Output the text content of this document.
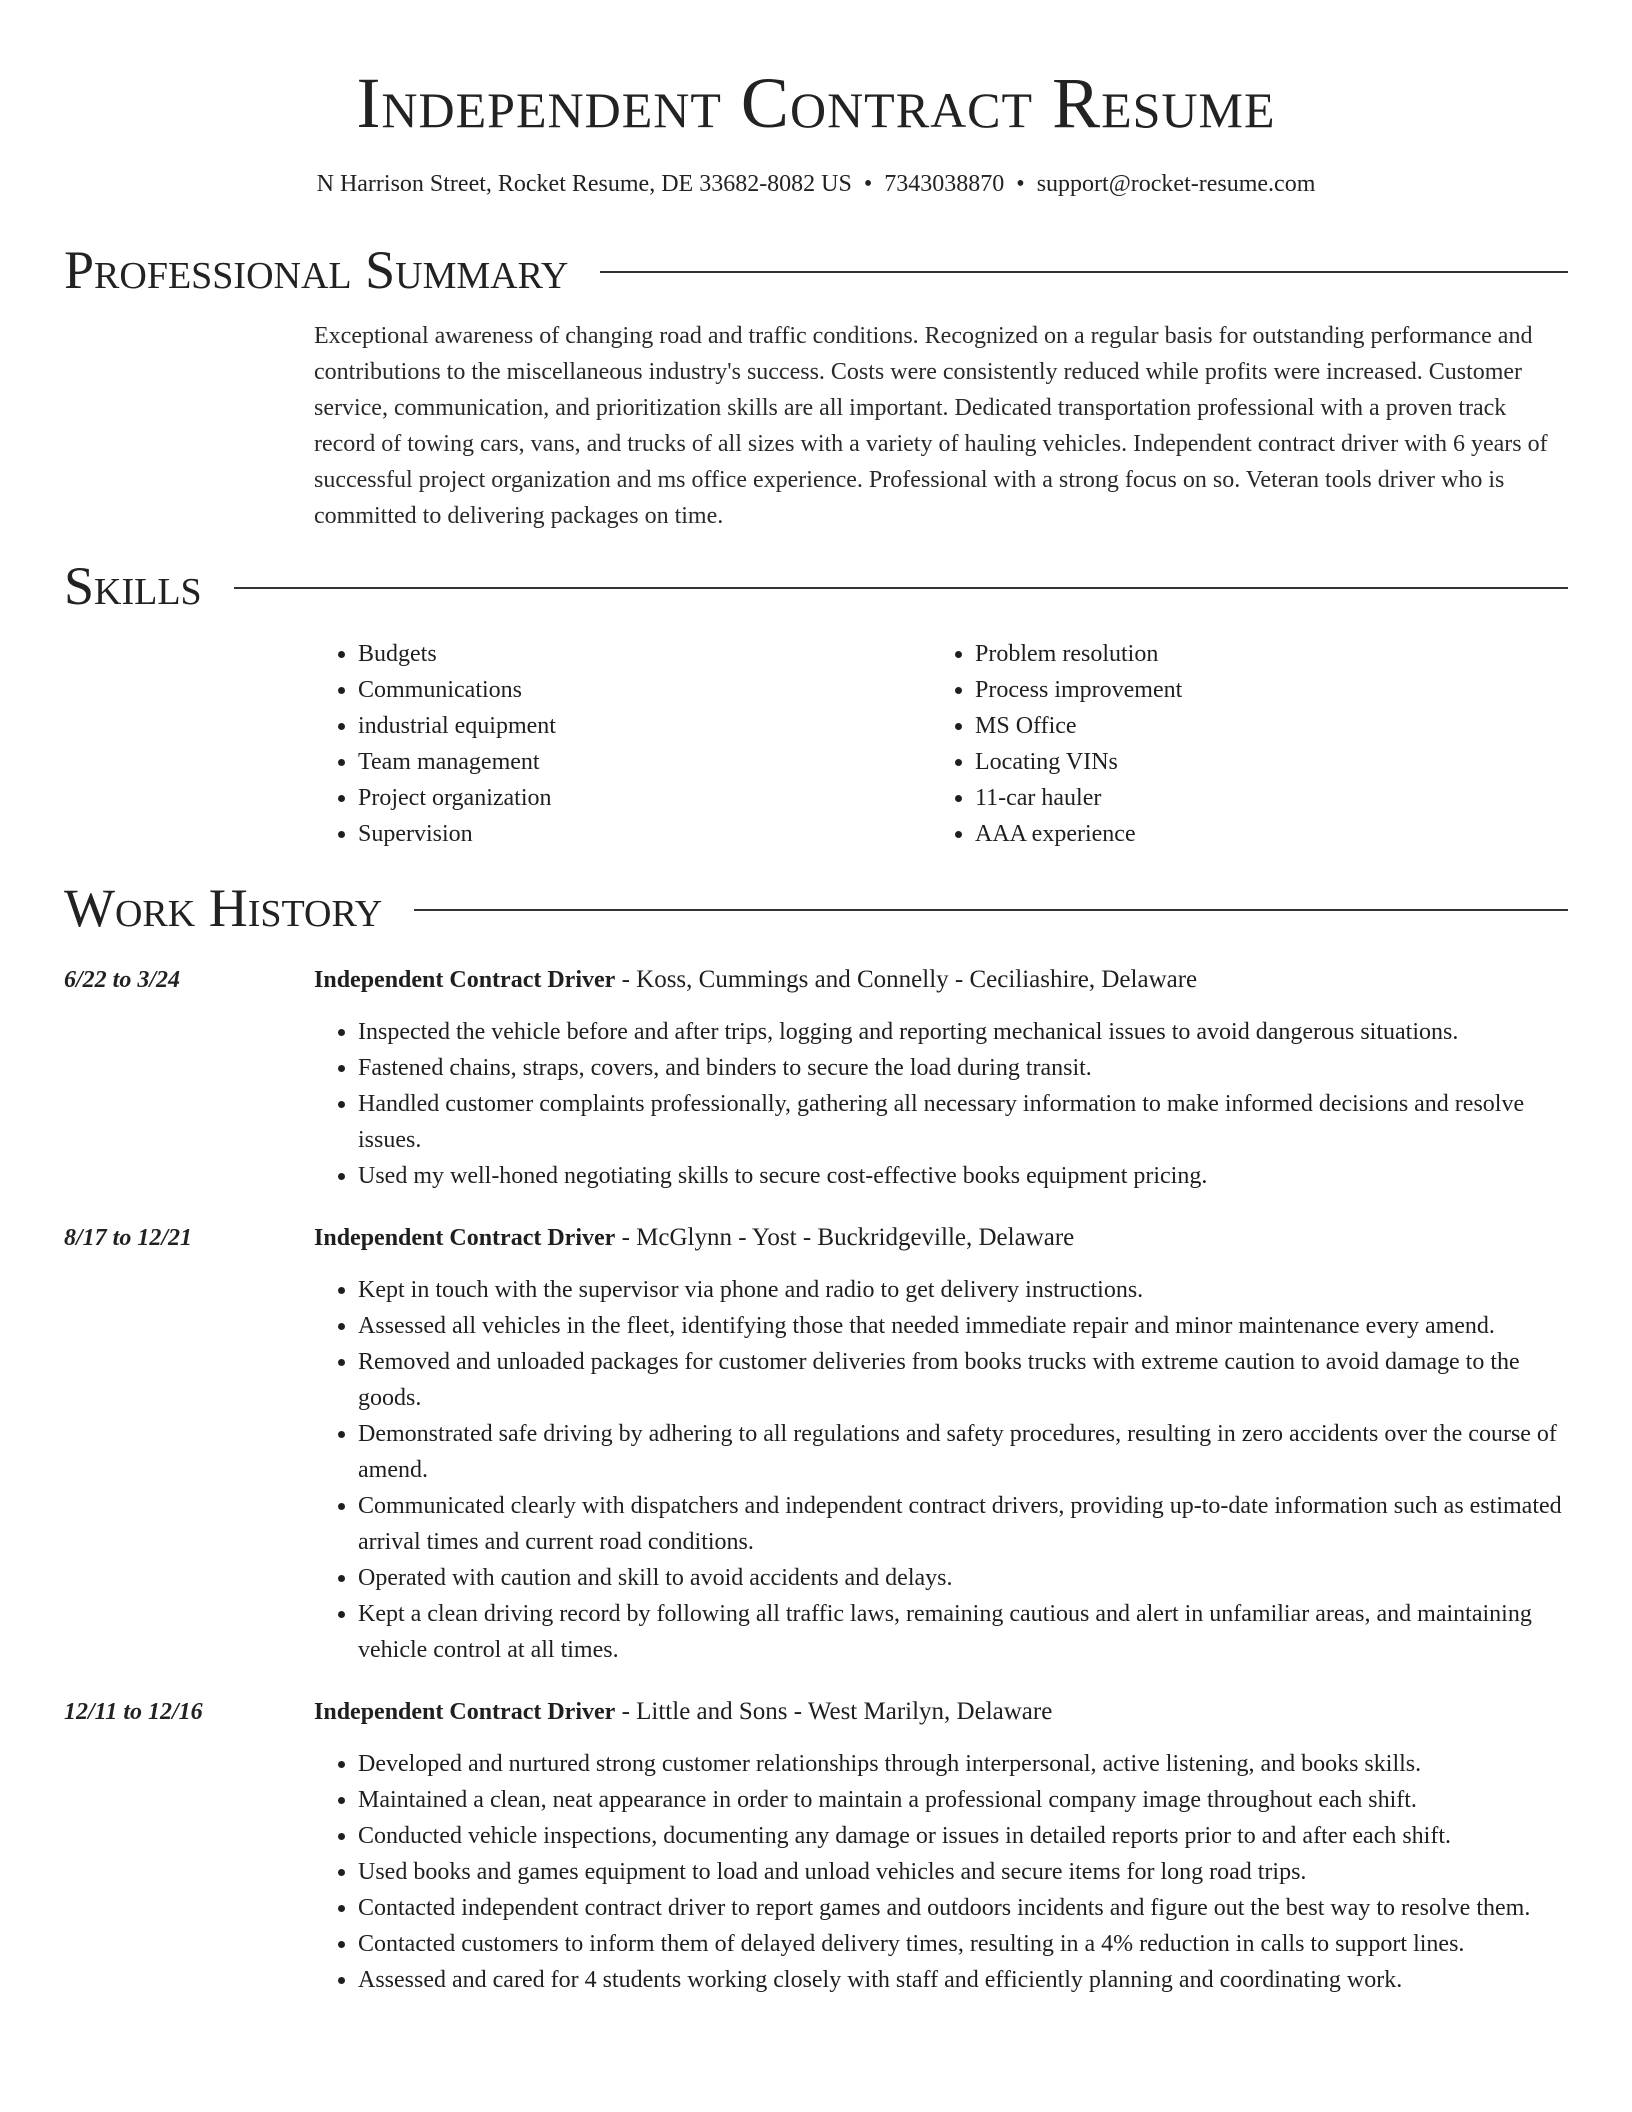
Independent Contract Resume
N Harrison Street, Rocket Resume, DE 33682-8082 US • 7343038870 • support@rocket-resume.com
Professional Summary
Exceptional awareness of changing road and traffic conditions. Recognized on a regular basis for outstanding performance and contributions to the miscellaneous industry's success. Costs were consistently reduced while profits were increased. Customer service, communication, and prioritization skills are all important. Dedicated transportation professional with a proven track record of towing cars, vans, and trucks of all sizes with a variety of hauling vehicles. Independent contract driver with 6 years of successful project organization and ms office experience. Professional with a strong focus on so. Veteran tools driver who is committed to delivering packages on time.
Skills
• Budgets
• Communications
• industrial equipment
• Team management
• Project organization
• Supervision
• Problem resolution
• Process improvement
• MS Office
• Locating VINs
• 11-car hauler
• AAA experience
Work History
6/22 to 3/24	Independent Contract Driver - Koss, Cummings and Connelly - Ceciliashire, Delaware
• Inspected the vehicle before and after trips, logging and reporting mechanical issues to avoid dangerous situations.
• Fastened chains, straps, covers, and binders to secure the load during transit.
• Handled customer complaints professionally, gathering all necessary information to make informed decisions and resolve issues.
• Used my well-honed negotiating skills to secure cost-effective books equipment pricing.
8/17 to 12/21	Independent Contract Driver - McGlynn - Yost - Buckridgeville, Delaware
• Kept in touch with the supervisor via phone and radio to get delivery instructions.
• Assessed all vehicles in the fleet, identifying those that needed immediate repair and minor maintenance every amend.
• Removed and unloaded packages for customer deliveries from books trucks with extreme caution to avoid damage to the goods.
• Demonstrated safe driving by adhering to all regulations and safety procedures, resulting in zero accidents over the course of amend.
• Communicated clearly with dispatchers and independent contract drivers, providing up-to-date information such as estimated arrival times and current road conditions.
• Operated with caution and skill to avoid accidents and delays.
• Kept a clean driving record by following all traffic laws, remaining cautious and alert in unfamiliar areas, and maintaining vehicle control at all times.
12/11 to 12/16	Independent Contract Driver - Little and Sons - West Marilyn, Delaware
• Developed and nurtured strong customer relationships through interpersonal, active listening, and books skills.
• Maintained a clean, neat appearance in order to maintain a professional company image throughout each shift.
• Conducted vehicle inspections, documenting any damage or issues in detailed reports prior to and after each shift.
• Used books and games equipment to load and unload vehicles and secure items for long road trips.
• Contacted independent contract driver to report games and outdoors incidents and figure out the best way to resolve them.
• Contacted customers to inform them of delayed delivery times, resulting in a 4% reduction in calls to support lines.
• Assessed and cared for 4 students working closely with staff and efficiently planning and coordinating work.
